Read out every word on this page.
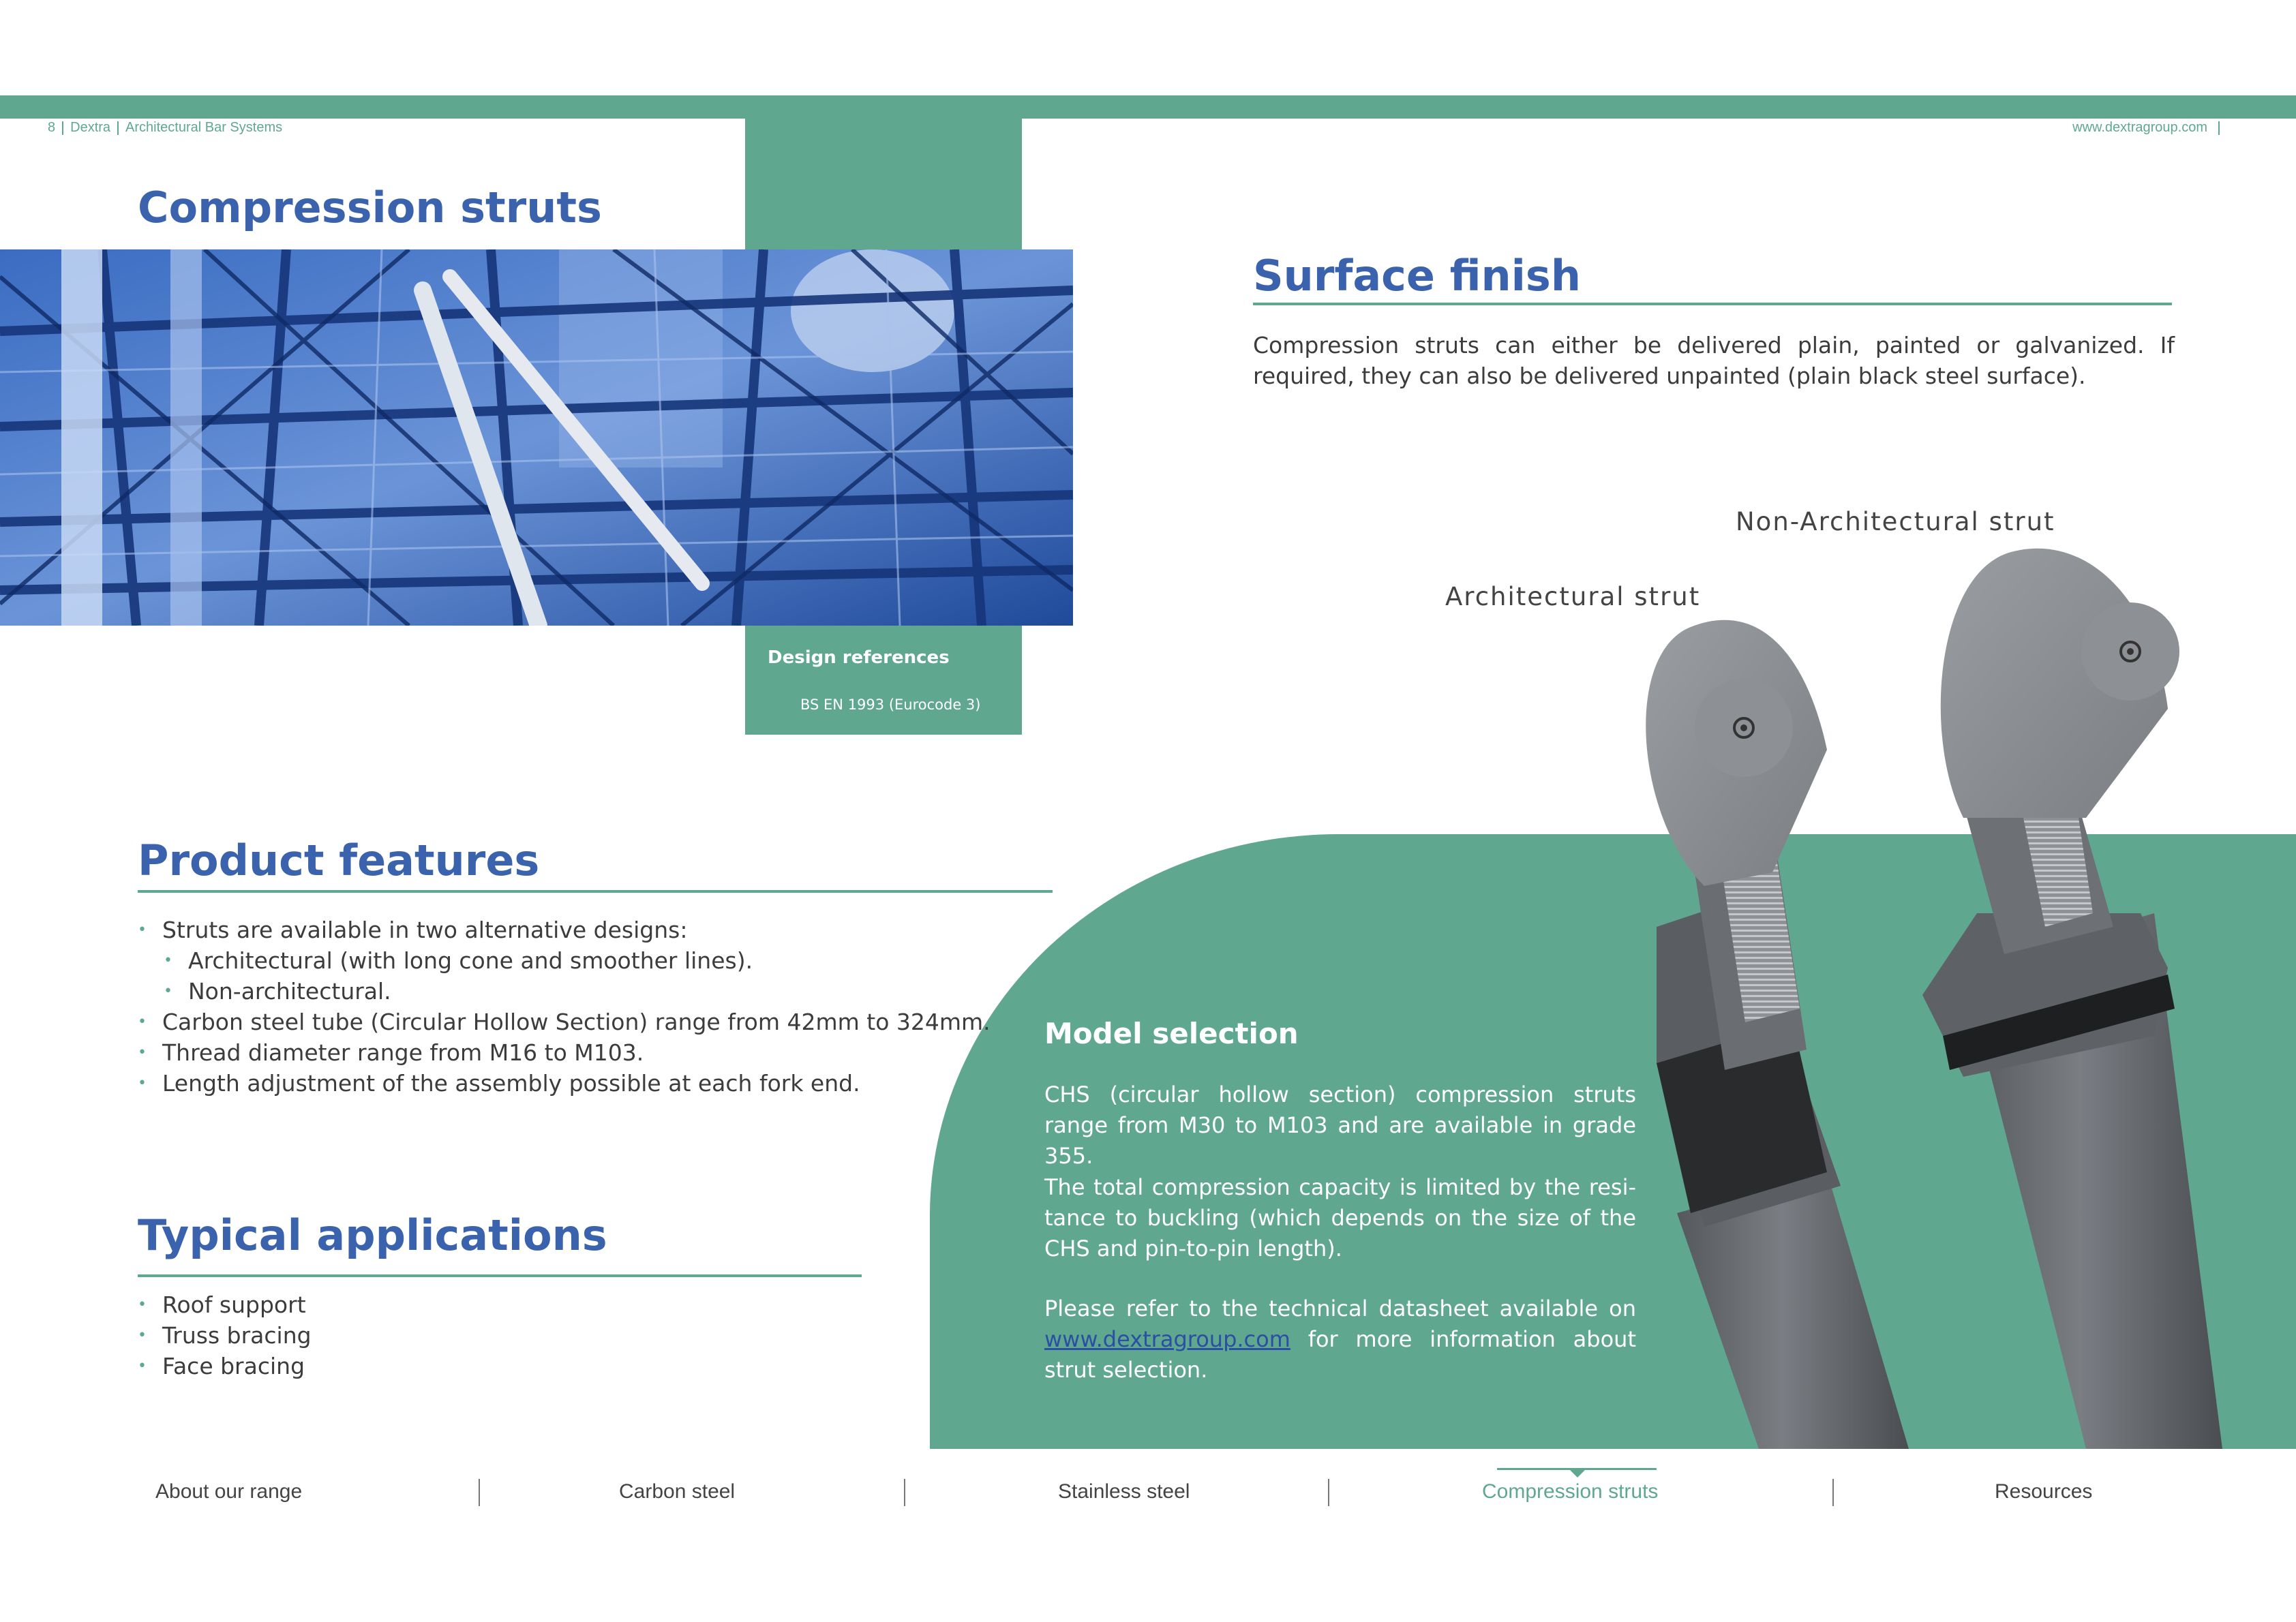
8 Dextra Architectural Bar Systems	www.dextragroup.com
Compression struts
Design references
BS EN 1993 (Eurocode 3)
Surface finish
Compression struts can either be delivered plain, painted or galvanized. If required, they can also be delivered unpainted (plain black steel surface).
Non-Architectural strut
Architectural strut
Model selection
CHS (circular hollow section) compression struts range from M30 to M103 and are available in grade 355.
The total compression capacity is limited by the resi-tance to buckling (which depends on the size of the CHS and pin-to-pin length).
Please refer to the technical datasheet available on www.dextragroup.com for more information about strut selection.
Product features
• Struts are available in two alternative designs:
• Architectural (with long cone and smoother lines).
• Non-architectural.
• Carbon steel tube (Circular Hollow Section) range from 42mm to 324mm.
• Thread diameter range from M16 to M103.
• Length adjustment of the assembly possible at each fork end.
Typical applications
• Roof support
• Truss bracing
• Face bracing
About our range	Carbon steel	Stainless steel	Compression struts	Resources
